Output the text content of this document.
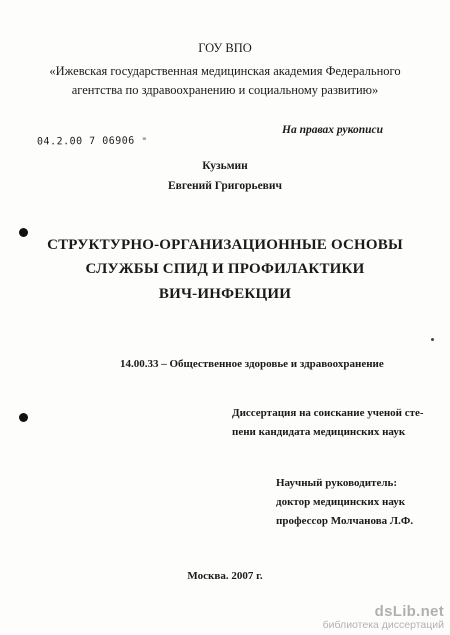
ГОУ ВПО
«Ижевская государственная медицинская академия Федерального
агентства по здравоохранению и социальному развитию»
На правах рукописи
04.2.00 7 06906 ⁼
Кузьмин
Евгений Григорьевич
СТРУКТУРНО-ОРГАНИЗАЦИОННЫЕ ОСНОВЫ
СЛУЖБЫ СПИД И ПРОФИЛАКТИКИ
ВИЧ-ИНФЕКЦИИ
14.00.33 – Общественное здоровье и здравоохранение
Диссертация на соискание ученой сте-
пени кандидата медицинских наук
Научный руководитель:
доктор медицинских наук
профессор Молчанова Л.Ф.
Москва. 2007 г.
dsLib.net
библиотека диссертаций
